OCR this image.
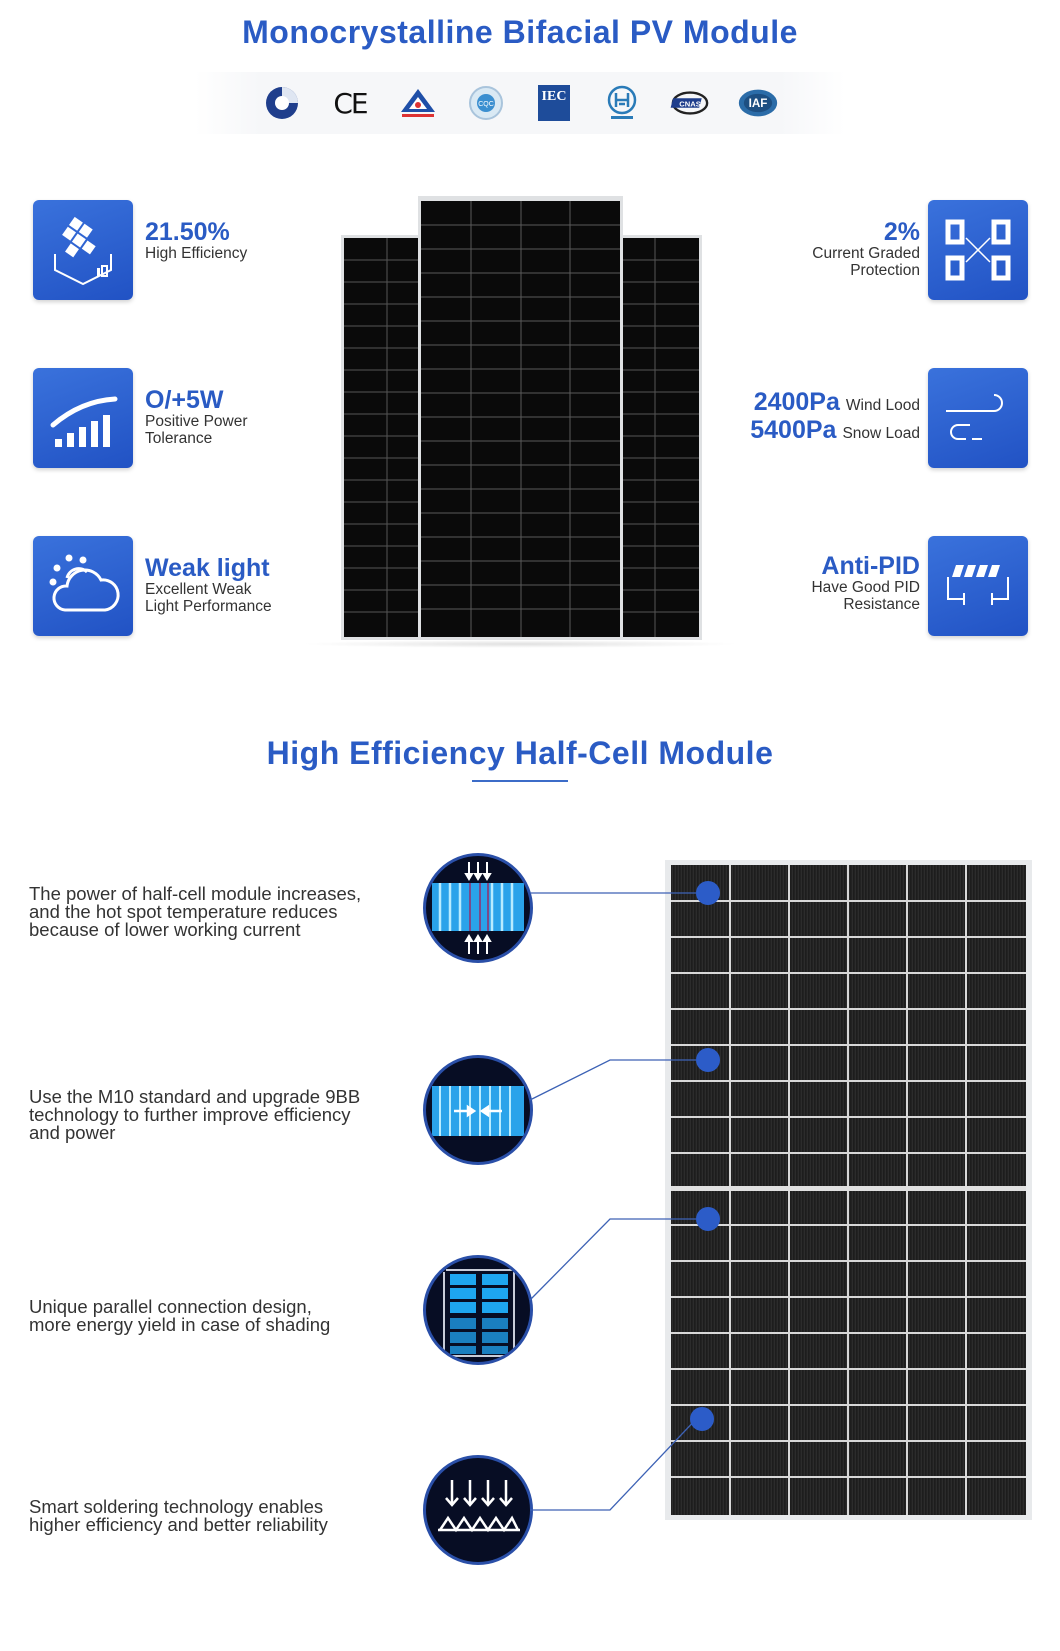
Monocrystalline Bifacial PV Module
CE	CQC
IEC	CNAS	IAF
21.50%
High Efficiency
O/+5W
Positive Power
Tolerance
Weak light
Excellent Weak
Light Performance
2%
Current Graded
Protection
2400Pa Wind Lood
5400Pa Snow Load
Anti-PID
Have Good PID
Resistance
High Efficiency Half-Cell Module
The power of half-cell module increases,
and the hot spot temperature reduces
because of lower working current
Use the M10 standard and upgrade 9BB
technology to further improve efficiency
and power
Unique parallel connection design,
more energy yield in case of shading
Smart soldering technology enables
higher efficiency and better reliability
